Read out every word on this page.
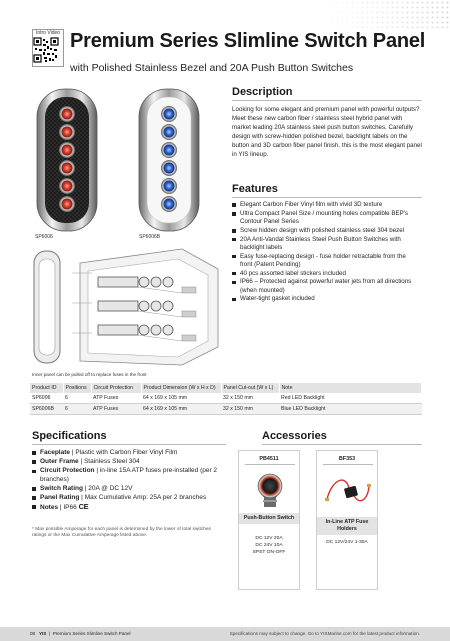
Intro Video Premium Series Slimline Switch Panel
with Polished Stainless Bezel and 20A Push Button Switches
SP6006	SP6006B
Inner panel can be pulled off to replace fuses in the front
Description
Looking for some elegant and premium panel with powerful outputs? Meet these new carbon fiber / stainless steel hybrid panel with market leading 20A stainless steel push button switches. Carefully design with screw-hidden polished bezel, backlight labels on the button and 3D carbon fiber panel finish, this is the most elegant panel in YIS lineup.
Features
Elegant Carbon Fiber Vinyl film with vivid 3D texture
Ultra Compact Panel Size / mounting holes compatible BEP's Contour Panel Series
Screw hidden design with polished stainless steel 304 bezel
20A Anti-Vandal Stainless Steel Push Button Switches with backlight labels
Easy fuse-replacing design - fuse holder retractable from the front (Patent Pending)
40 pcs assorted label stickers included
IP66 – Protected against powerful water jets from all directions (when mounted)
Water-tight gasket included
Product ID	Positions	Circuit Protection	Product Dimension (W x H x D)	Panel Cut-out (W x L)	Note
SP6006	6	ATP Fuses	64 x 169 x 105 mm	32 x 150 mm	Red LED Backlight
SP6006B	6	ATP Fuses	64 x 169 x 105 mm	32 x 150 mm	Blue LED Backlight
Specifications
Faceplate | Plastic with Carbon Fiber Vinyl Film
Outer Frame | Stainless Steel 304
Circuit Protection | in-line 15A ATP fuses pre-installed (per 2 branches)
Switch Rating | 20A @ DC 12V
Panel Rating | Max Cumulative Amp: 25A per 2 branches
Notes | IP66 CE
* Max possible Amperage for each panel is determined by the lower of total switches ratings or the Max Cumulative Amperage listed above.
Accessories
PB4511
Push-Button Switch
DC 12V 20A
DC 24V 10A
SPST ON-OFF
BF353
In-Line ATP Fuse Holders
DC 12V/24V 1-30A
08 YIS  |  Premium Series Slimline Switch Panel	Specifications may subject to change. Go to YISMarine.com for the latest product information.
